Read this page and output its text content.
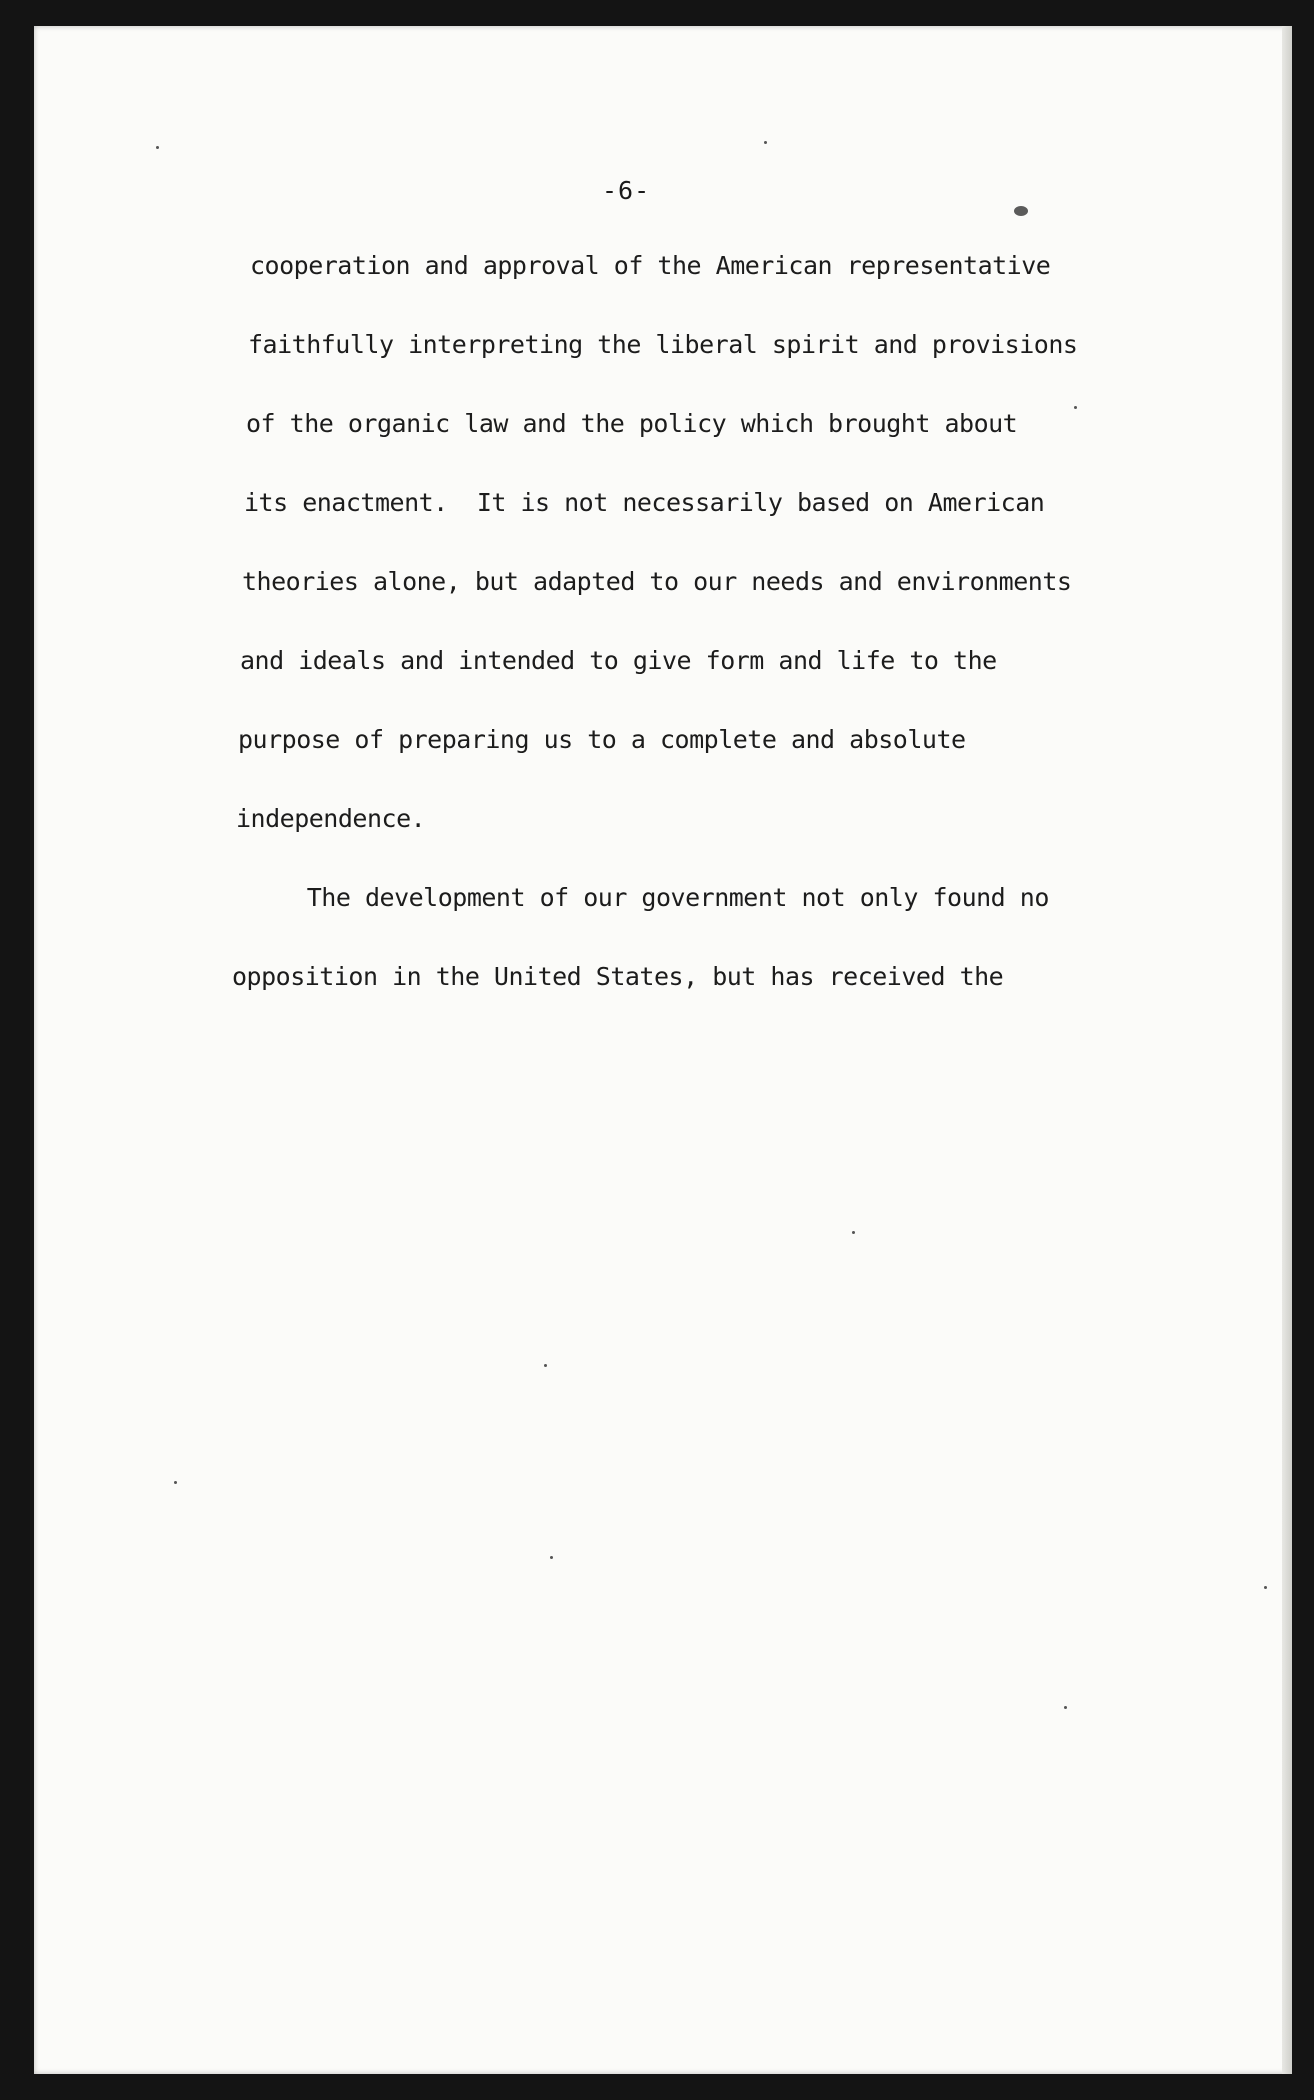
-6-

cooperation and approval of the American representative

faithfully interpreting the liberal spirit and provisions

of the organic law and the policy which brought about

its enactment.  It is not necessarily based on American

theories alone, but adapted to our needs and environments

and ideals and intended to give form and life to the

purpose of preparing us to a complete and absolute

independence.

The development of our government not only found no

opposition in the United States, but has received the
